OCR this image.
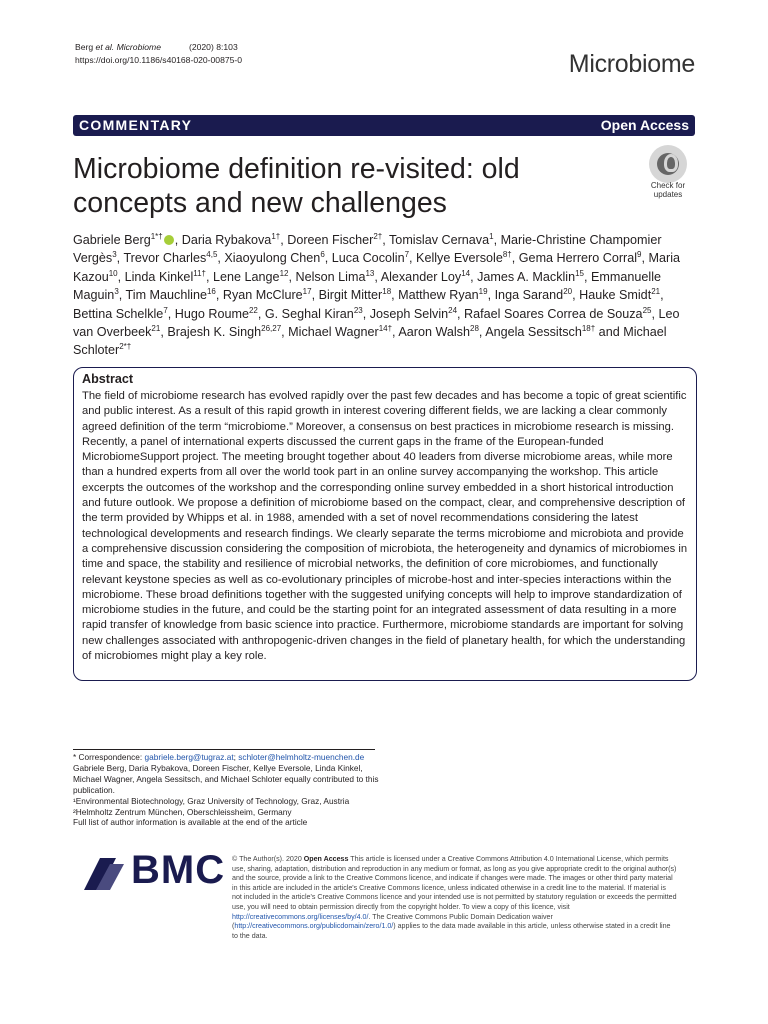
Berg et al. Microbiome	(2020) 8:103
https://doi.org/10.1186/s40168-020-00875-0	Microbiome
COMMENTARY	Open Access
Microbiome definition re-visited: old concepts and new challenges
Check for
updates
Gabriele Berg$^{1*\dagger}$ , Daria Rybakova$^{1\dagger}$, Doreen Fischer$^{2\dagger}$, Tomislav Cernava$^1$, Marie-Christine Champomier Vergès$^3$, Trevor Charles$^{4,5}$, Xiaoyulong Chen$^6$, Luca Cocolin$^7$, Kellye Eversole$^{8\dagger}$, Gema Herrero Corral$^9$, Maria Kazou$^{10}$, Linda Kinkel$^{11\dagger}$, Lene Lange$^{12}$, Nelson Lima$^{13}$, Alexander Loy$^{14}$, James A. Macklin$^{15}$, Emmanuelle Maguin$^3$, Tim Mauchline$^{16}$, Ryan McClure$^{17}$, Birgit Mitter$^{18}$, Matthew Ryan$^{19}$, Inga Sarand$^{20}$, Hauke Smidt$^{21}$, Bettina Schelkle$^7$, Hugo Roume$^{22}$, G. Seghal Kiran$^{23}$, Joseph Selvin$^{24}$, Rafael Soares Correa de Souza$^{25}$, Leo van Overbeek$^{21}$, Brajesh K. Singh$^{26,27}$, Michael Wagner$^{14\dagger}$, Aaron Walsh$^{28}$, Angela Sessitsch$^{18\dagger}$ and Michael Schloter$^{2*\dagger}$
Abstract

The field of microbiome research has evolved rapidly over the past few decades and has become a topic of great scientific and public interest. As a result of this rapid growth in interest covering different fields, we are lacking a clear commonly agreed definition of the term “microbiome.” Moreover, a consensus on best practices in microbiome research is missing. Recently, a panel of international experts discussed the current gaps in the frame of the European-funded MicrobiomeSupport project. The meeting brought together about 40 leaders from diverse microbiome areas, while more than a hundred experts from all over the world took part in an online survey accompanying the workshop. This article excerpts the outcomes of the workshop and the corresponding online survey embedded in a short historical introduction and future outlook. We propose a definition of microbiome based on the compact, clear, and comprehensive description of the term provided by Whipps et al. in 1988, amended with a set of novel recommendations considering the latest technological developments and research findings. We clearly separate the terms microbiome and microbiota and provide a comprehensive discussion considering the composition of microbiota, the heterogeneity and dynamics of microbiomes in time and space, the stability and resilience of microbial networks, the definition of core microbiomes, and functionally relevant keystone species as well as co-evolutionary principles of microbe-host and inter-species interactions within the microbiome. These broad definitions together with the suggested unifying concepts will help to improve standardization of microbiome studies in the future, and could be the starting point for an integrated assessment of data resulting in a more rapid transfer of knowledge from basic science into practice. Furthermore, microbiome standards are important for solving new challenges associated with anthropogenic-driven changes in the field of planetary health, for which the understanding of microbiomes might play a key role.

* Correspondence: gabriele.berg@tugraz.at; schloter@helmholtz-muenchen.de
Gabriele Berg, Daria Rybakova, Doreen Fischer, Kellye Eversole, Linda Kinkel, Michael Wagner, Angela Sessitsch, and Michael Schloter equally contributed to this publication.
¹Environmental Biotechnology, Graz University of Technology, Graz, Austria
²Helmholtz Zentrum München, Oberschleissheim, Germany
Full list of author information is available at the end of the article
BMC © The Author(s). 2020 Open Access This article is licensed under a Creative Commons Attribution 4.0 International License, which permits use, sharing, adaptation, distribution and reproduction in any medium or format, as long as you give appropriate credit to the original author(s) and the source, provide a link to the Creative Commons licence, and indicate if changes were made. The images or other third party material in this article are included in the article's Creative Commons licence, unless indicated otherwise in a credit line to the material. If material is not included in the article's Creative Commons licence and your intended use is not permitted by statutory regulation or exceeds the permitted use, you will need to obtain permission directly from the copyright holder. To view a copy of this licence, visit http://creativecommons.org/licenses/by/4.0/. The Creative Commons Public Domain Dedication waiver (http://creativecommons.org/publicdomain/zero/1.0/) applies to the data made available in this article, unless otherwise stated in a credit line to the data.
